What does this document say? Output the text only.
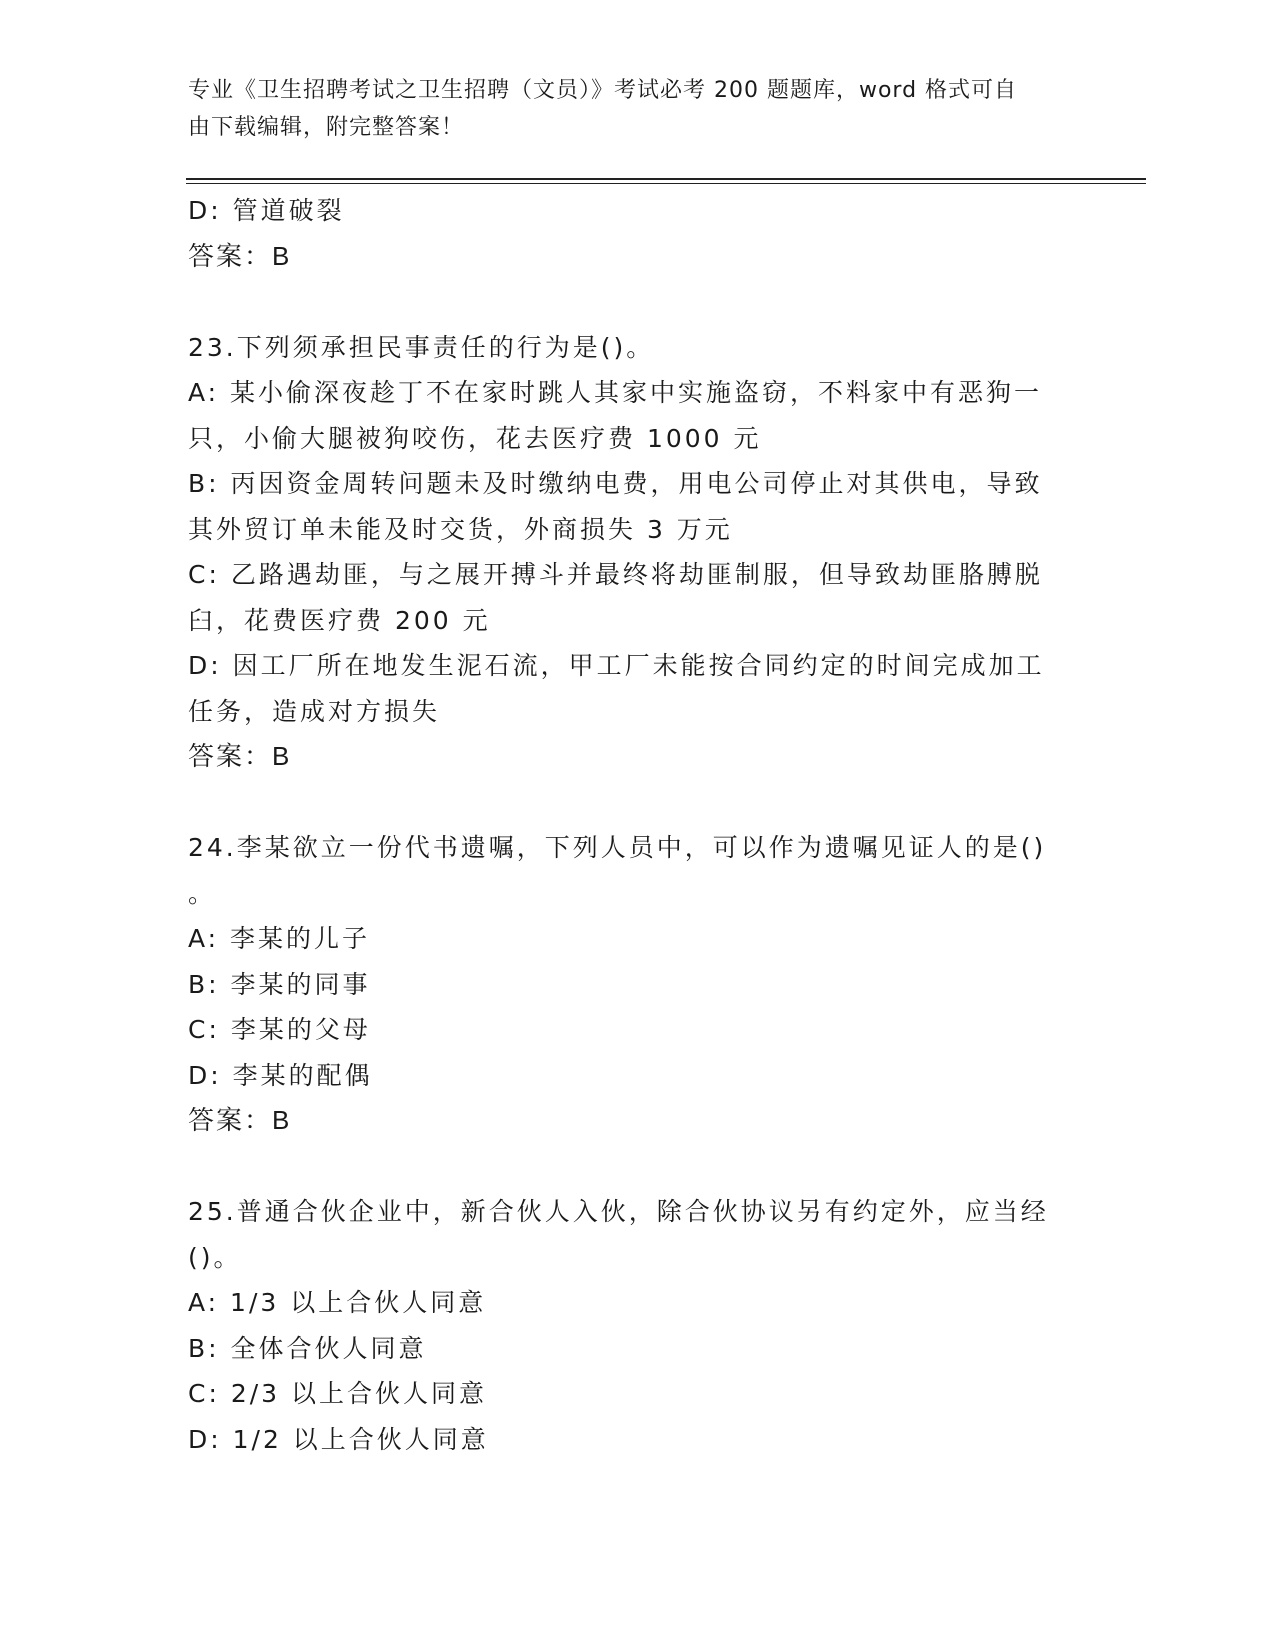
专业《卫生招聘考试之卫生招聘（文员）》考试必考 200 题题库，word 格式可自
由下载编辑，附完整答案！
D: 管道破裂
答案：B
23.下列须承担民事责任的行为是()。
A: 某小偷深夜趁丁不在家时跳人其家中实施盗窃，不料家中有恶狗一
只，小偷大腿被狗咬伤，花去医疗费 1000 元
B: 丙因资金周转问题未及时缴纳电费，用电公司停止对其供电，导致
其外贸订单未能及时交货，外商损失 3 万元
C: 乙路遇劫匪，与之展开搏斗并最终将劫匪制服，但导致劫匪胳膊脱
臼，花费医疗费 200 元
D: 因工厂所在地发生泥石流，甲工厂未能按合同约定的时间完成加工
任务，造成对方损失
答案：B
24.李某欲立一份代书遗嘱，下列人员中，可以作为遗嘱见证人的是()
。
A: 李某的儿子
B: 李某的同事
C: 李某的父母
D: 李某的配偶
答案：B
25.普通合伙企业中，新合伙人入伙，除合伙协议另有约定外，应当经
()。
A: 1/3 以上合伙人同意
B: 全体合伙人同意
C: 2/3 以上合伙人同意
D: 1/2 以上合伙人同意
